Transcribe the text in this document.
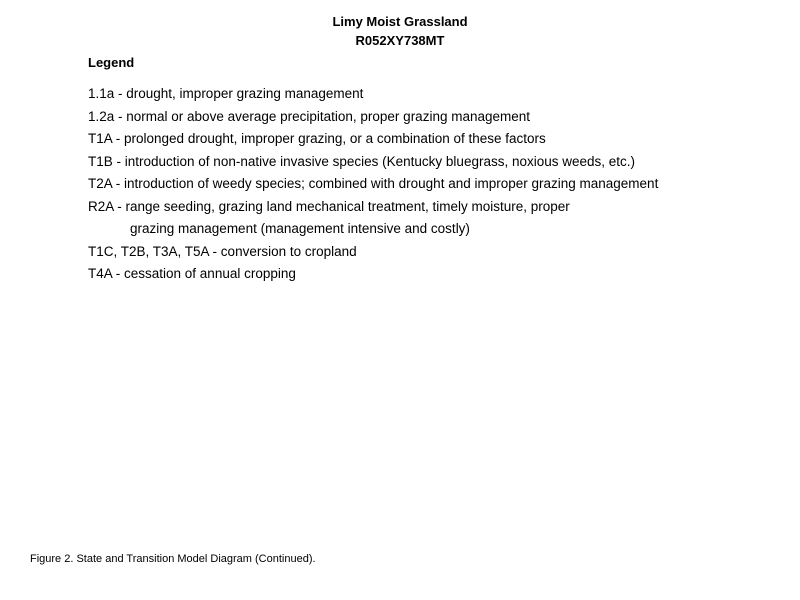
Limy Moist Grassland
R052XY738MT
Legend
1.1a - drought, improper grazing management
1.2a - normal or above average precipitation, proper grazing management
T1A - prolonged drought, improper grazing, or a combination of these factors
T1B - introduction of non-native invasive species (Kentucky bluegrass, noxious weeds, etc.)
T2A - introduction of weedy species; combined with drought and improper grazing management
R2A - range seeding, grazing land mechanical treatment, timely moisture, proper
grazing management (management intensive and costly)
T1C, T2B, T3A, T5A - conversion to cropland
T4A - cessation of annual cropping
Figure 2. State and Transition Model Diagram (Continued).
